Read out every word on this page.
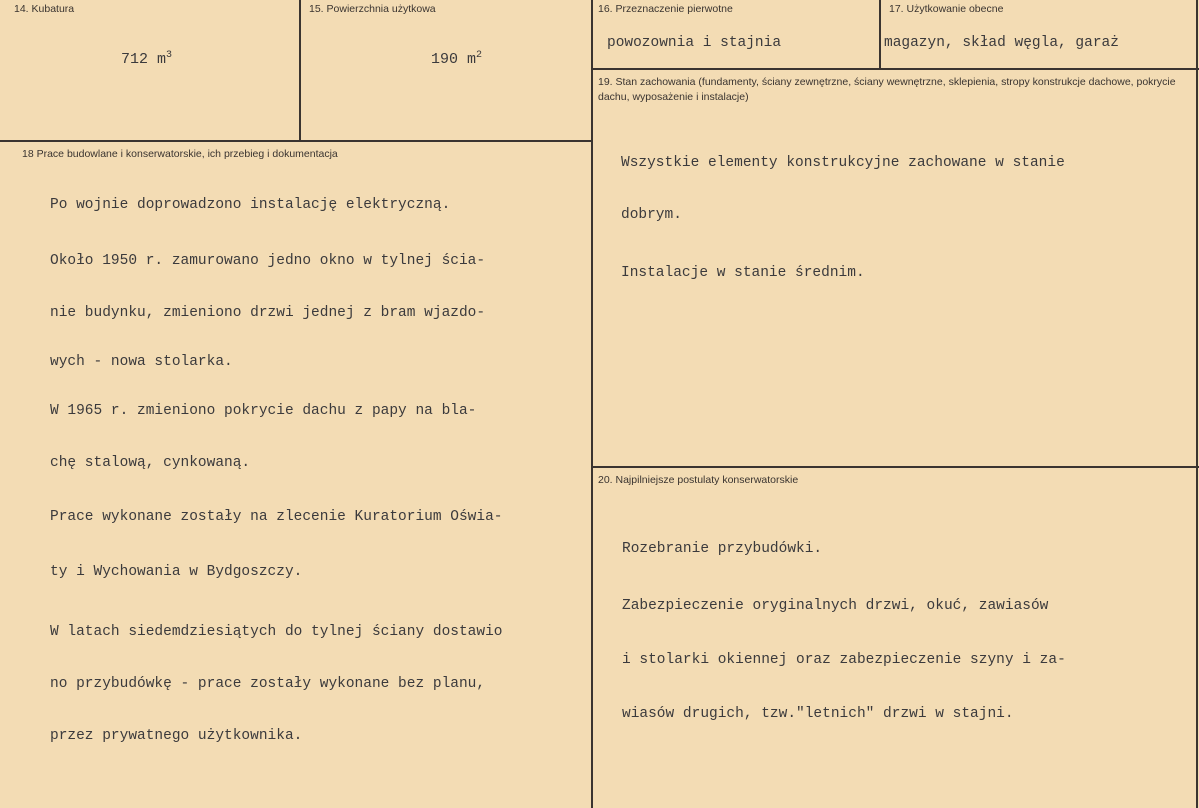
14. Kubatura

712 $m^3$

15. Powierzchnia użytkowa

190 $m^2$

16. Przeznaczenie pierwotne
powozownia i stajnia
17. Użytkowanie obecne
magazyn, skład węgla, garaż
19. Stan zachowania (fundamenty, ściany zewnętrzne, ściany wewnętrzne, sklepienia, stropy konstrukcje dachowe, pokrycie dachu, wyposażenie i instalacje)

Wszystkie elementy konstrukcyjne zachowane w stanie

dobrym.

Instalacje w stanie średnim.

18 Prace budowlane i konserwatorskie, ich przebieg i dokumentacja

Po wojnie doprowadzono instalację elektryczną.

Około 1950 r. zamurowano jedno okno w tylnej ścia-

nie budynku, zmieniono drzwi jednej z bram wjazdo-

wych - nowa stolarka.

W 1965 r. zmieniono pokrycie dachu z papy na bla-

chę stalową, cynkowaną.

Prace wykonane zostały na zlecenie Kuratorium Oświa-

ty i Wychowania w Bydgoszczy.

W latach siedemdziesiątych do tylnej ściany dostawio

no przybudówkę - prace zostały wykonane bez planu,

przez prywatnego użytkownika.

20. Najpilniejsze postulaty konserwatorskie

Rozebranie przybudówki.

Zabezpieczenie oryginalnych drzwi, okuć, zawiasów

i stolarki okiennej oraz zabezpieczenie szyny i za-

wiasów drugich, tzw."letnich" drzwi w stajni.
